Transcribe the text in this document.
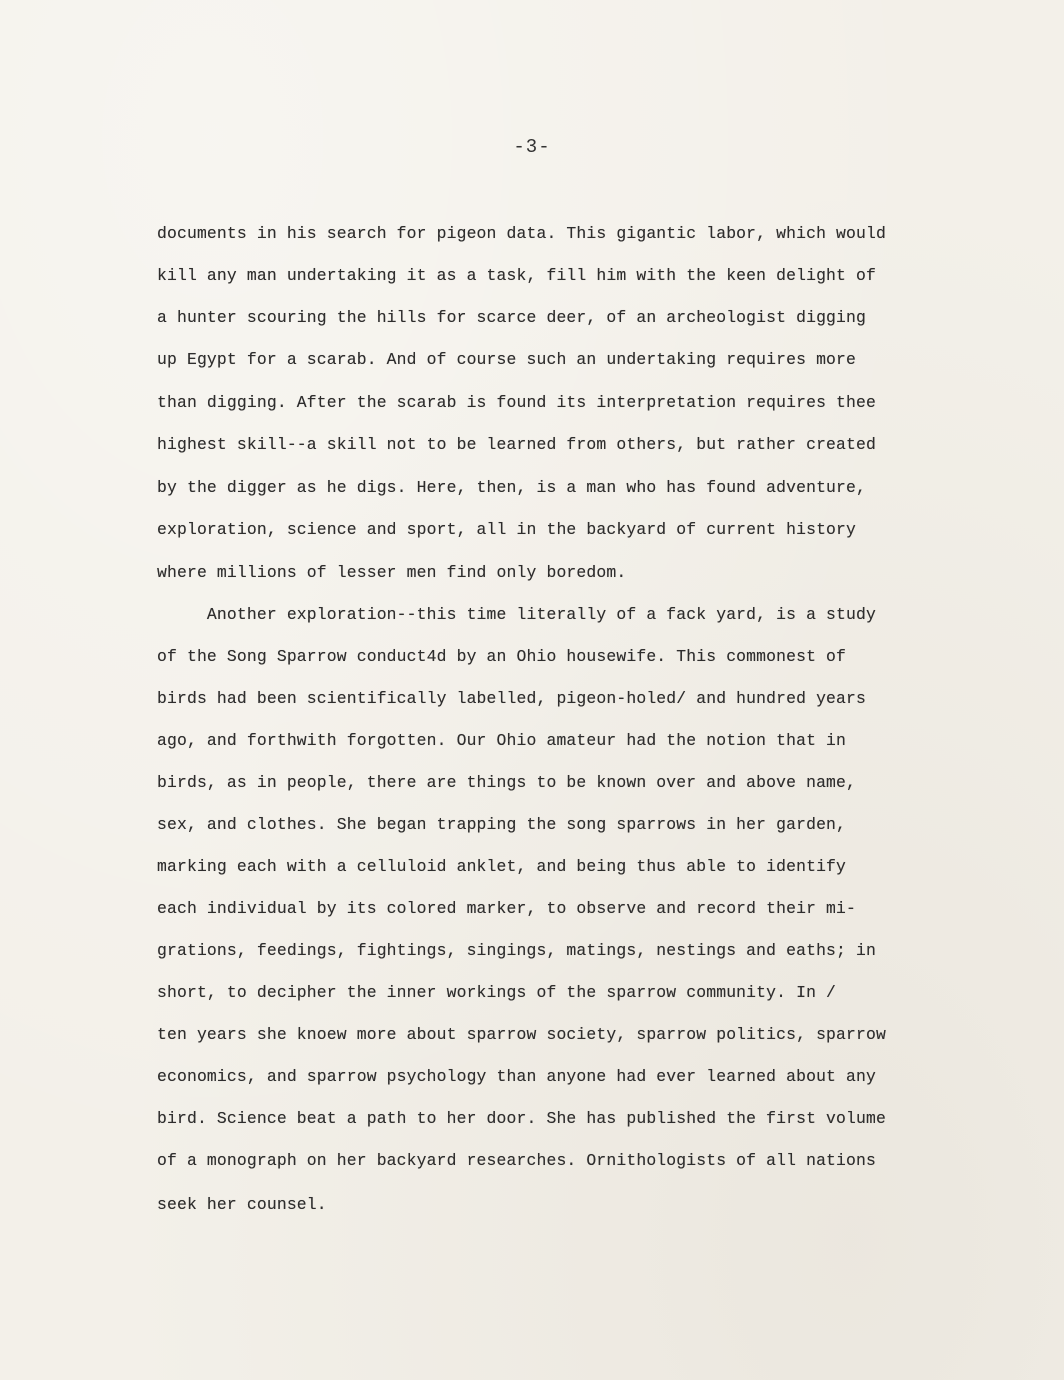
-3-
documents in his search for pigeon data. This gigantic labor, which would
kill any man undertaking it as a task, fill him with the keen delight of
a hunter scouring the hills for scarce deer, of an archeologist digging
up Egypt for a scarab. And of course such an undertaking requires more
than digging. After the scarab is found its interpretation requires thee
highest skill--a skill not to be learned from others, but rather created
by the digger as he digs. Here, then, is a man who has found adventure,
exploration, science and sport, all in the backyard of current history
where millions of lesser men find only boredom.
Another exploration--this time literally of a fack yard, is a study
of the Song Sparrow conduct4d by an Ohio housewife. This commonest of
birds had been scientifically labelled, pigeon-holed/ and hundred years
ago, and forthwith forgotten. Our Ohio amateur had the notion that in
birds, as in people, there are things to be known over and above name,
sex, and clothes. She began trapping the song sparrows in her garden,
marking each with a celluloid anklet, and being thus able to identify
each individual by its colored marker, to observe and record their mi-
grations, feedings, fightings, singings, matings, nestings and eaths; in
short, to decipher the inner workings of the sparrow community. In /
ten years she knoew more about sparrow society, sparrow politics, sparrow
economics, and sparrow psychology than anyone had ever learned about any
bird. Science beat a path to her door. She has published the first volume
of a monograph on her backyard researches. Ornithologists of all nations
seek her counsel.
